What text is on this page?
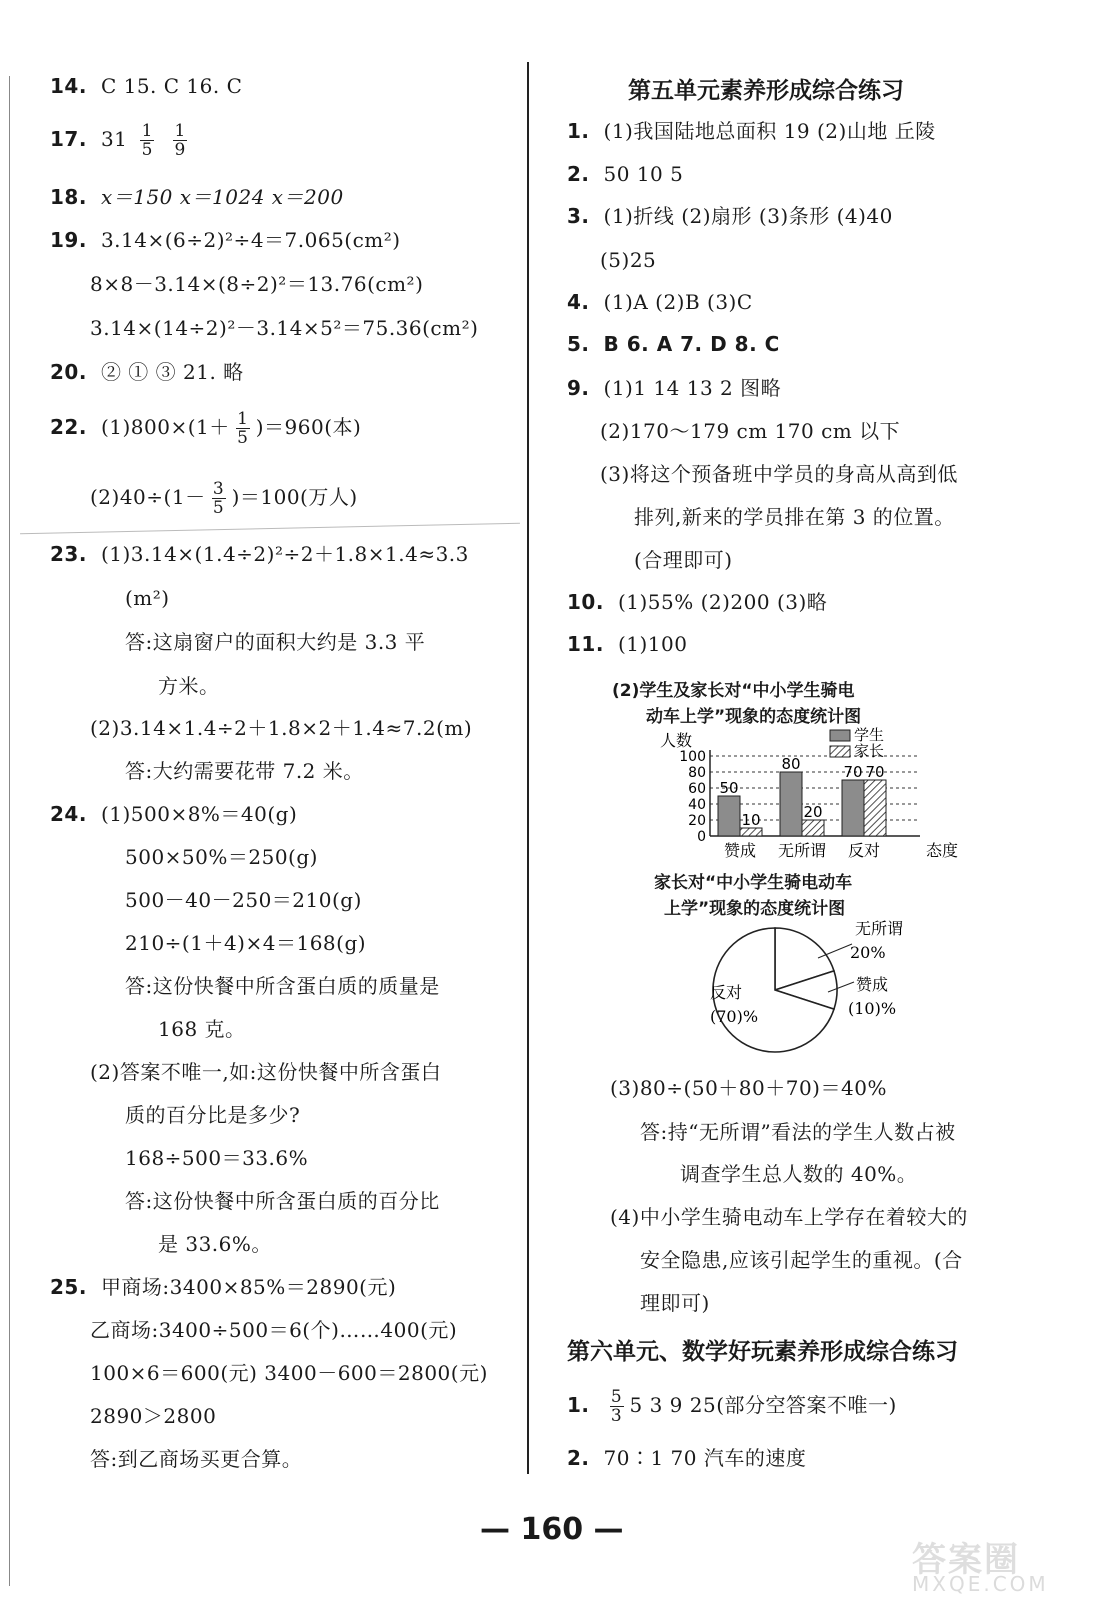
14. C 15. C 16. C
17. $31 \frac{1}{5}$
$\frac{1}{9}$
18. x＝150 x＝1024 x＝200
19. 3.14×(6÷2)²÷4＝7.065(cm²)
8×8－3.14×(8÷2)²＝13.76(cm²)
3.14×(14÷2)²－3.14×5²＝75.36(cm²)
20. ② ① ③ 21. 略
22. $(1)800\times(1+ \frac{1}{5} )=960$(本)
$(2)40\div(1- \frac{3}{5} )=100$(万人)
23. (1)3.14×(1.4÷2)²÷2＋1.8×1.4≈3.3
(m²)
答:这扇窗户的面积大约是 3.3 平
方米。
(2)3.14×1.4÷2＋1.8×2＋1.4≈7.2(m)
答:大约需要花带 7.2 米。
24. (1)500×8%＝40(g)
500×50%＝250(g)
500－40－250＝210(g)
210÷(1＋4)×4＝168(g)
答:这份快餐中所含蛋白质的质量是
168 克。
(2)答案不唯一,如:这份快餐中所含蛋白
质的百分比是多少?
168÷500＝33.6%
答:这份快餐中所含蛋白质的百分比
是 33.6%。
25. 甲商场:3400×85%＝2890(元)
乙商场:3400÷500＝6(个)……400(元)
100×6＝600(元) 3400－600＝2800(元)
2890＞2800
答:到乙商场买更合算。
第五单元素养形成综合练习
1. (1)我国陆地总面积 19 (2)山地 丘陵
2. 50 10 5
3. (1)折线 (2)扇形 (3)条形 (4)40
(5)25
4. (1)A (2)B (3)C
5. B 6. A 7. D 8. C
9. (1)1 14 13 2 图略
(2)170～179 cm 170 cm 以下
(3)将这个预备班中学员的身高从高到低
排列,新来的学员排在第 3 的位置。
(合理即可)
10. (1)55% (2)200 (3)略
11. (1)100
(2)学生及家长对“中小学生骑电
动车上学”现象的态度统计图
人数
0
20
40
60
80
100
50
10
赞成
80
20
无所谓
70 70
反对	态度
学生
家长
家长对“中小学生骑电动车
上学”现象的态度统计图
无所谓
20%
赞成
(10)%
反对
(70)%
(3)80÷(50＋80＋70)＝40%
答:持“无所谓”看法的学生人数占被
调查学生总人数的 40%。
(4)中小学生骑电动车上学存在着较大的
安全隐患,应该引起学生的重视。(合
理即可)
第六单元、数学好玩素养形成综合练习
1. $\frac{5}{3} 5$ 3 9 25(部分空答案不唯一)
2. 70∶1 70 汽车的速度
— 160 —
答案圈
MXQE.COM
